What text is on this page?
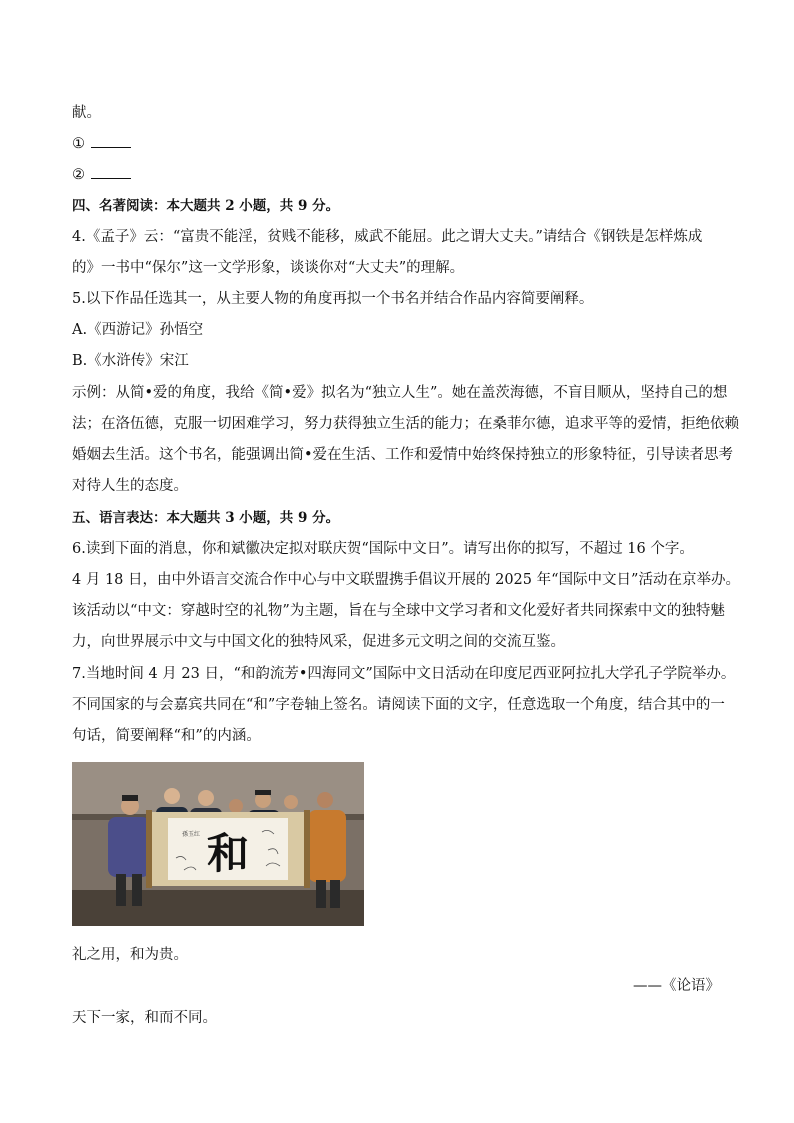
献。
①
②
四、名著阅读：本大题共 2 小题，共 9 分。
4.《孟子》云：“富贵不能淫，贫贱不能移，威武不能屈。此之谓大丈夫。”请结合《钢铁是怎样炼成
的》一书中“保尔”这一文学形象，谈谈你对“大丈夫”的理解。
5.以下作品任选其一，从主要人物的角度再拟一个书名并结合作品内容简要阐释。
A.《西游记》孙悟空
B.《水浒传》宋江
示例：从简•爱的角度，我给《简•爱》拟名为“独立人生”。她在盖茨海德，不盲目顺从，坚持自己的想
法；在洛伍德，克服一切困难学习，努力获得独立生活的能力；在桑菲尔德，追求平等的爱情，拒绝依赖
婚姻去生活。这个书名，能强调出简•爱在生活、工作和爱情中始终保持独立的形象特征，引导读者思考
对待人生的态度。
五、语言表达：本大题共 3 小题，共 9 分。
6.读到下面的消息，你和斌徽决定拟对联庆贺“国际中文日”。请写出你的拟写，不超过 16 个字。
4 月 18 日，由中外语言交流合作中心与中文联盟携手倡议开展的 2025 年“国际中文日”活动在京举办。
该活动以“中文：穿越时空的礼物”为主题，旨在与全球中文学习者和文化爱好者共同探索中文的独特魅
力，向世界展示中文与中国文化的独特风采，促进多元文明之间的交流互鉴。
7.当地时间 4 月 23 日，“和韵流芳•四海同文”国际中文日活动在印度尼西亚阿拉扎大学孔子学院举办。
不同国家的与会嘉宾共同在“和”字卷轴上签名。请阅读下面的文字，任意选取一个角度，结合其中的一
句话，简要阐释“和”的内涵。
和
孫玉红
礼之用，和为贵。
——《论语》
天下一家，和而不同。
